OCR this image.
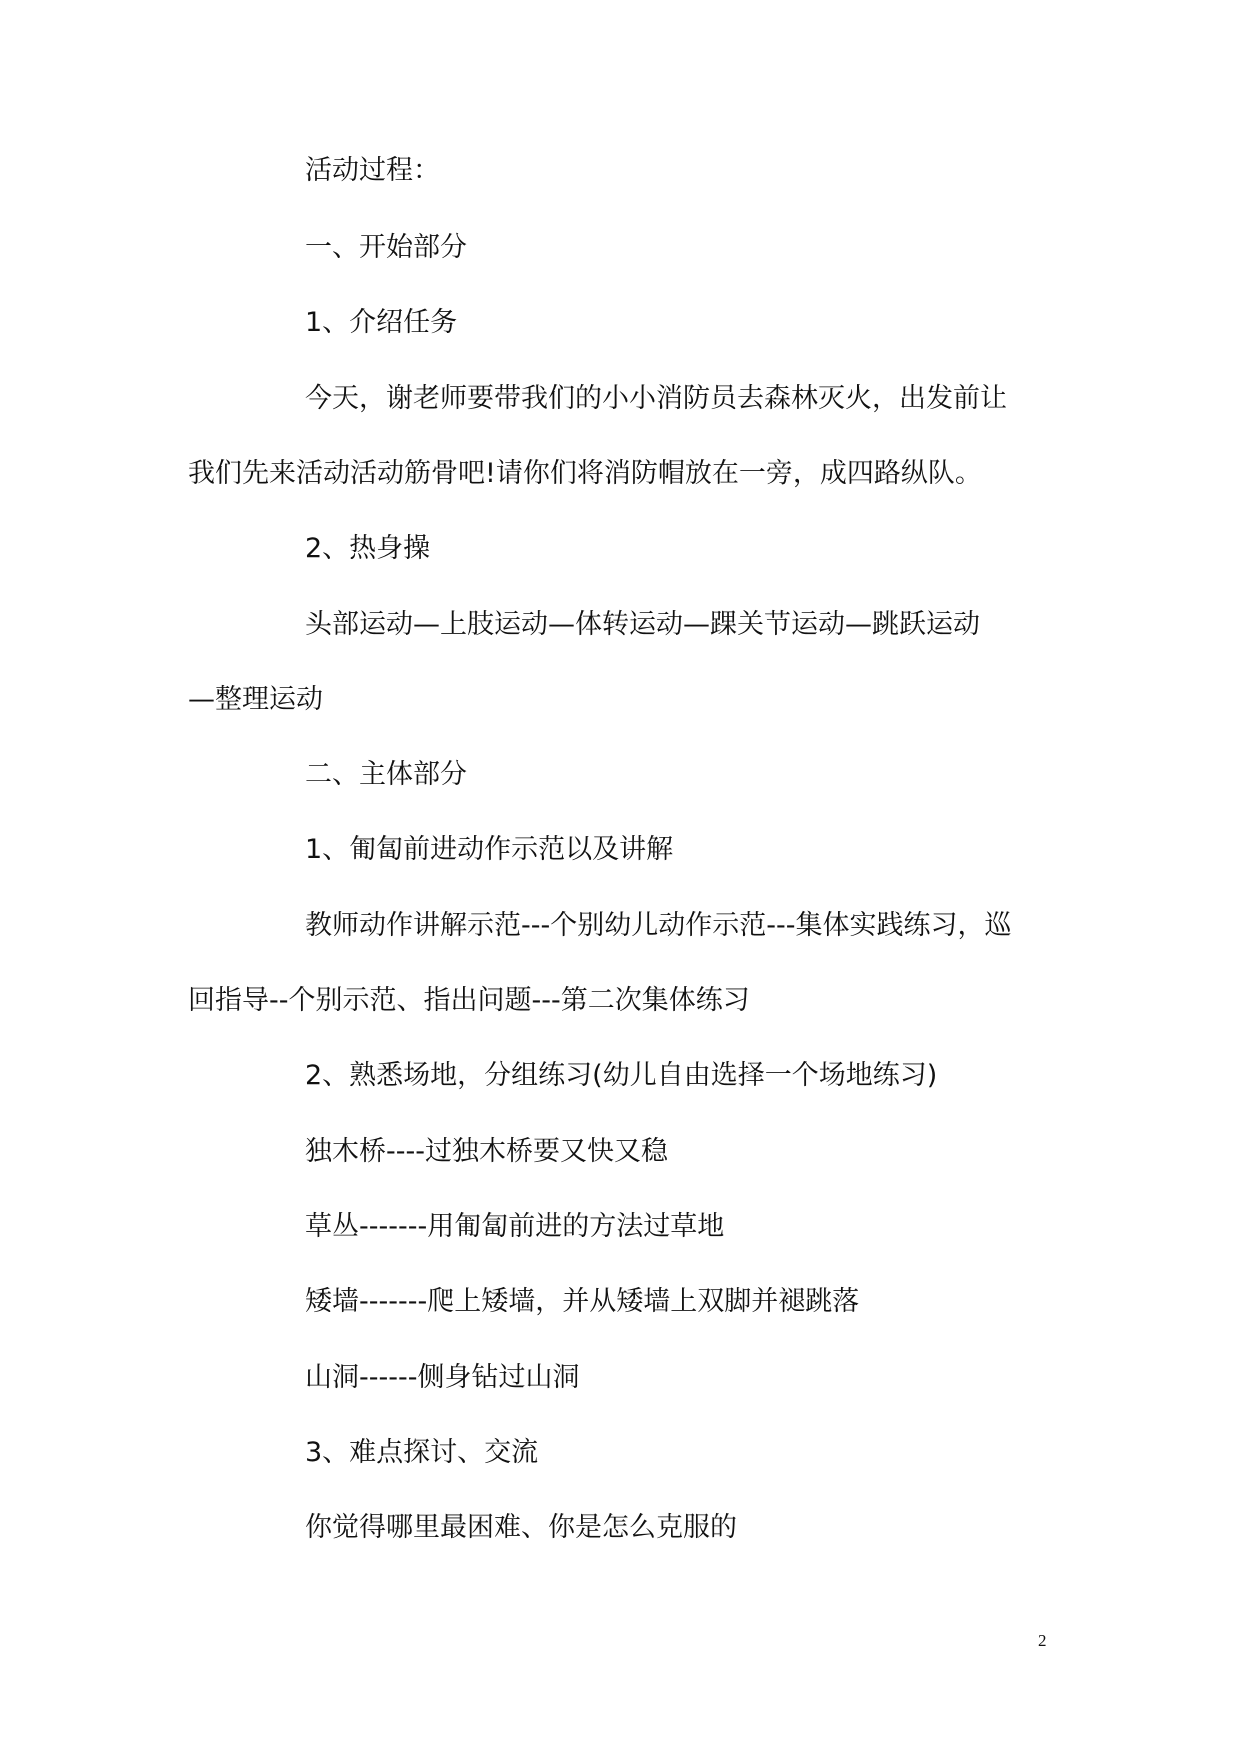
活动过程：
一、开始部分
1、介绍任务
今天，谢老师要带我们的小小消防员去森林灭火，出发前让
我们先来活动活动筋骨吧!请你们将消防帽放在一旁，成四路纵队。
2、热身操
头部运动—上肢运动—体转运动—踝关节运动—跳跃运动
—整理运动
二、主体部分
1、匍匐前进动作示范以及讲解
教师动作讲解示范---个别幼儿动作示范---集体实践练习，巡
回指导--个别示范、指出问题---第二次集体练习
2、熟悉场地，分组练习(幼儿自由选择一个场地练习)
独木桥----过独木桥要又快又稳
草丛-------用匍匐前进的方法过草地
矮墙-------爬上矮墙，并从矮墙上双脚并褪跳落
山洞------侧身钻过山洞
3、难点探讨、交流
你觉得哪里最困难、你是怎么克服的
2
